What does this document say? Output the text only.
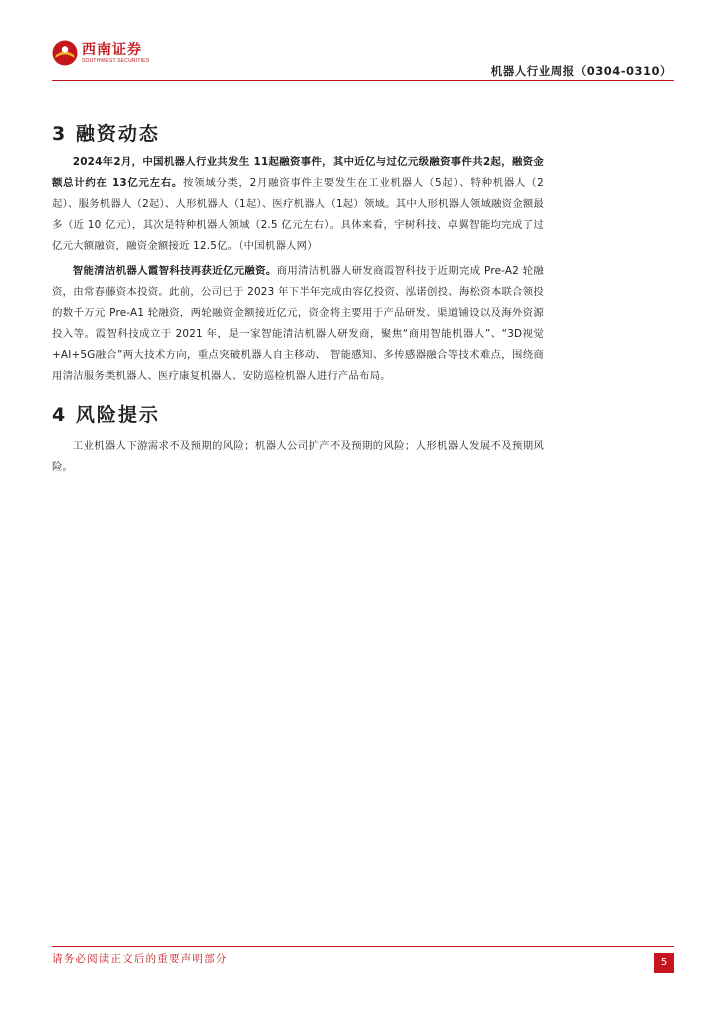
西南证券
SOUTHWEST SECURITIES
机器人行业周报（0304-0310）
3 融资动态

2024年2月，中国机器人行业共发生 11起融资事件，其中近亿与过亿元级融资事件共2起，融资金额总计约在 13亿元左右。按领域分类，2月融资事件主要发生在工业机器人（5起）、特种机器人（2起）、服务机器人（2起）、人形机器人（1起）、医疗机器人（1起）领域。其中人形机器人领域融资金额最多（近 10 亿元），其次是特种机器人领域（2.5 亿元左右）。具体来看，宇树科技、卓翼智能均完成了过亿元大额融资，融资金额接近 12.5亿。（中国机器人网）

智能清洁机器人霞智科技再获近亿元融资。商用清洁机器人研发商霞智科技于近期完成 Pre-A2 轮融资，由常春藤资本投资。此前，公司已于 2023 年下半年完成由容亿投资、泓诺创投、海松资本联合领投的数千万元 Pre-A1 轮融资，两轮融资金额接近亿元，资金将主要用于产品研发、渠道铺设以及海外资源投入等。霞智科技成立于 2021 年，是一家智能清洁机器人研发商，聚焦“商用智能机器人”、“3D视觉+AI+5G融合”两大技术方向，重点突破机器人自主移动、 智能感知、多传感器融合等技术难点，围绕商用清洁服务类机器人、医疗康复机器人、安防巡检机器人进行产品布局。

4 风险提示

工业机器人下游需求不及预期的风险；机器人公司扩产不及预期的风险；人形机器人发展不及预期风险。

请务必阅读正文后的重要声明部分	5
